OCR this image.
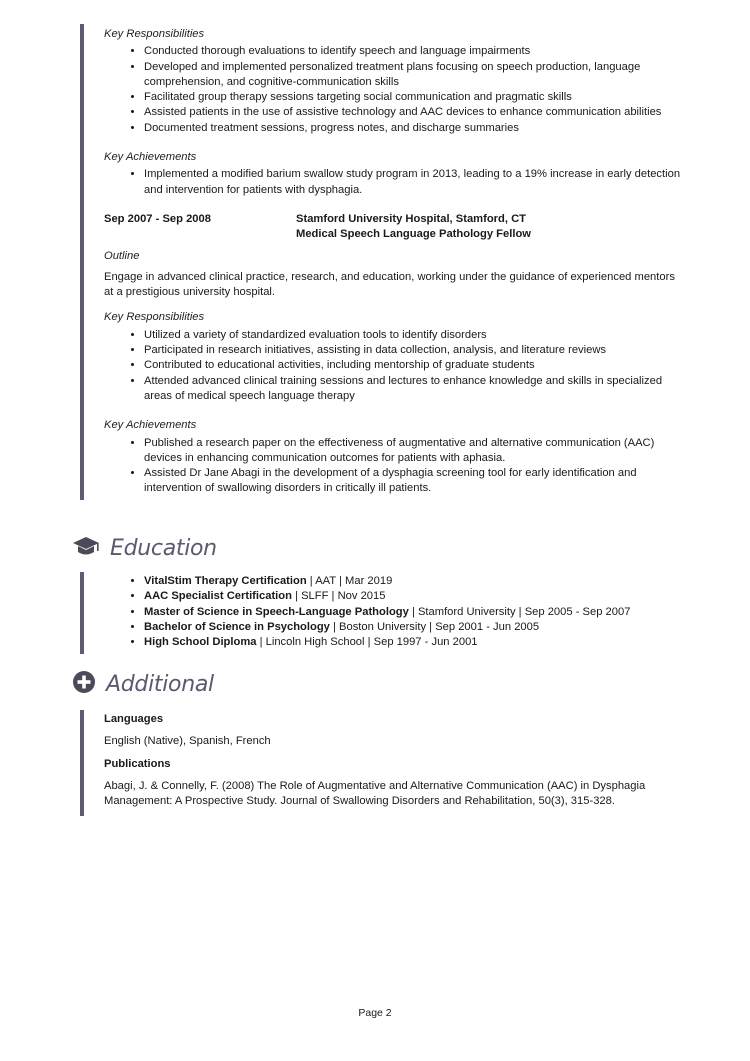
Key Responsibilities
• Conducted thorough evaluations to identify speech and language impairments
• Developed and implemented personalized treatment plans focusing on speech production, language comprehension, and cognitive-communication skills
• Facilitated group therapy sessions targeting social communication and pragmatic skills
• Assisted patients in the use of assistive technology and AAC devices to enhance communication abilities
• Documented treatment sessions, progress notes, and discharge summaries
Key Achievements
• Implemented a modified barium swallow study program in 2013, leading to a 19% increase in early detection and intervention for patients with dysphagia.
Sep 2007 - Sep 2008	Stamford University Hospital, Stamford, CT
Medical Speech Language Pathology Fellow
Outline
Engage in advanced clinical practice, research, and education, working under the guidance of experienced mentors at a prestigious university hospital.
Key Responsibilities
• Utilized a variety of standardized evaluation tools to identify disorders
• Participated in research initiatives, assisting in data collection, analysis, and literature reviews
• Contributed to educational activities, including mentorship of graduate students
• Attended advanced clinical training sessions and lectures to enhance knowledge and skills in specialized areas of medical speech language therapy
Key Achievements
• Published a research paper on the effectiveness of augmentative and alternative communication (AAC) devices in enhancing communication outcomes for patients with aphasia.
• Assisted Dr Jane Abagi in the development of a dysphagia screening tool for early identification and intervention of swallowing disorders in critically ill patients.
Education
• VitalStim Therapy Certification | AAT | Mar 2019
• AAC Specialist Certification | SLFF | Nov 2015
• Master of Science in Speech-Language Pathology | Stamford University | Sep 2005 - Sep 2007
• Bachelor of Science in Psychology | Boston University | Sep 2001 - Jun 2005
• High School Diploma | Lincoln High School | Sep 1997 - Jun 2001
Additional
Languages
English (Native), Spanish, French
Publications
Abagi, J. & Connelly, F. (2008) The Role of Augmentative and Alternative Communication (AAC) in Dysphagia Management: A Prospective Study. Journal of Swallowing Disorders and Rehabilitation, 50(3), 315-328.
Page 2
